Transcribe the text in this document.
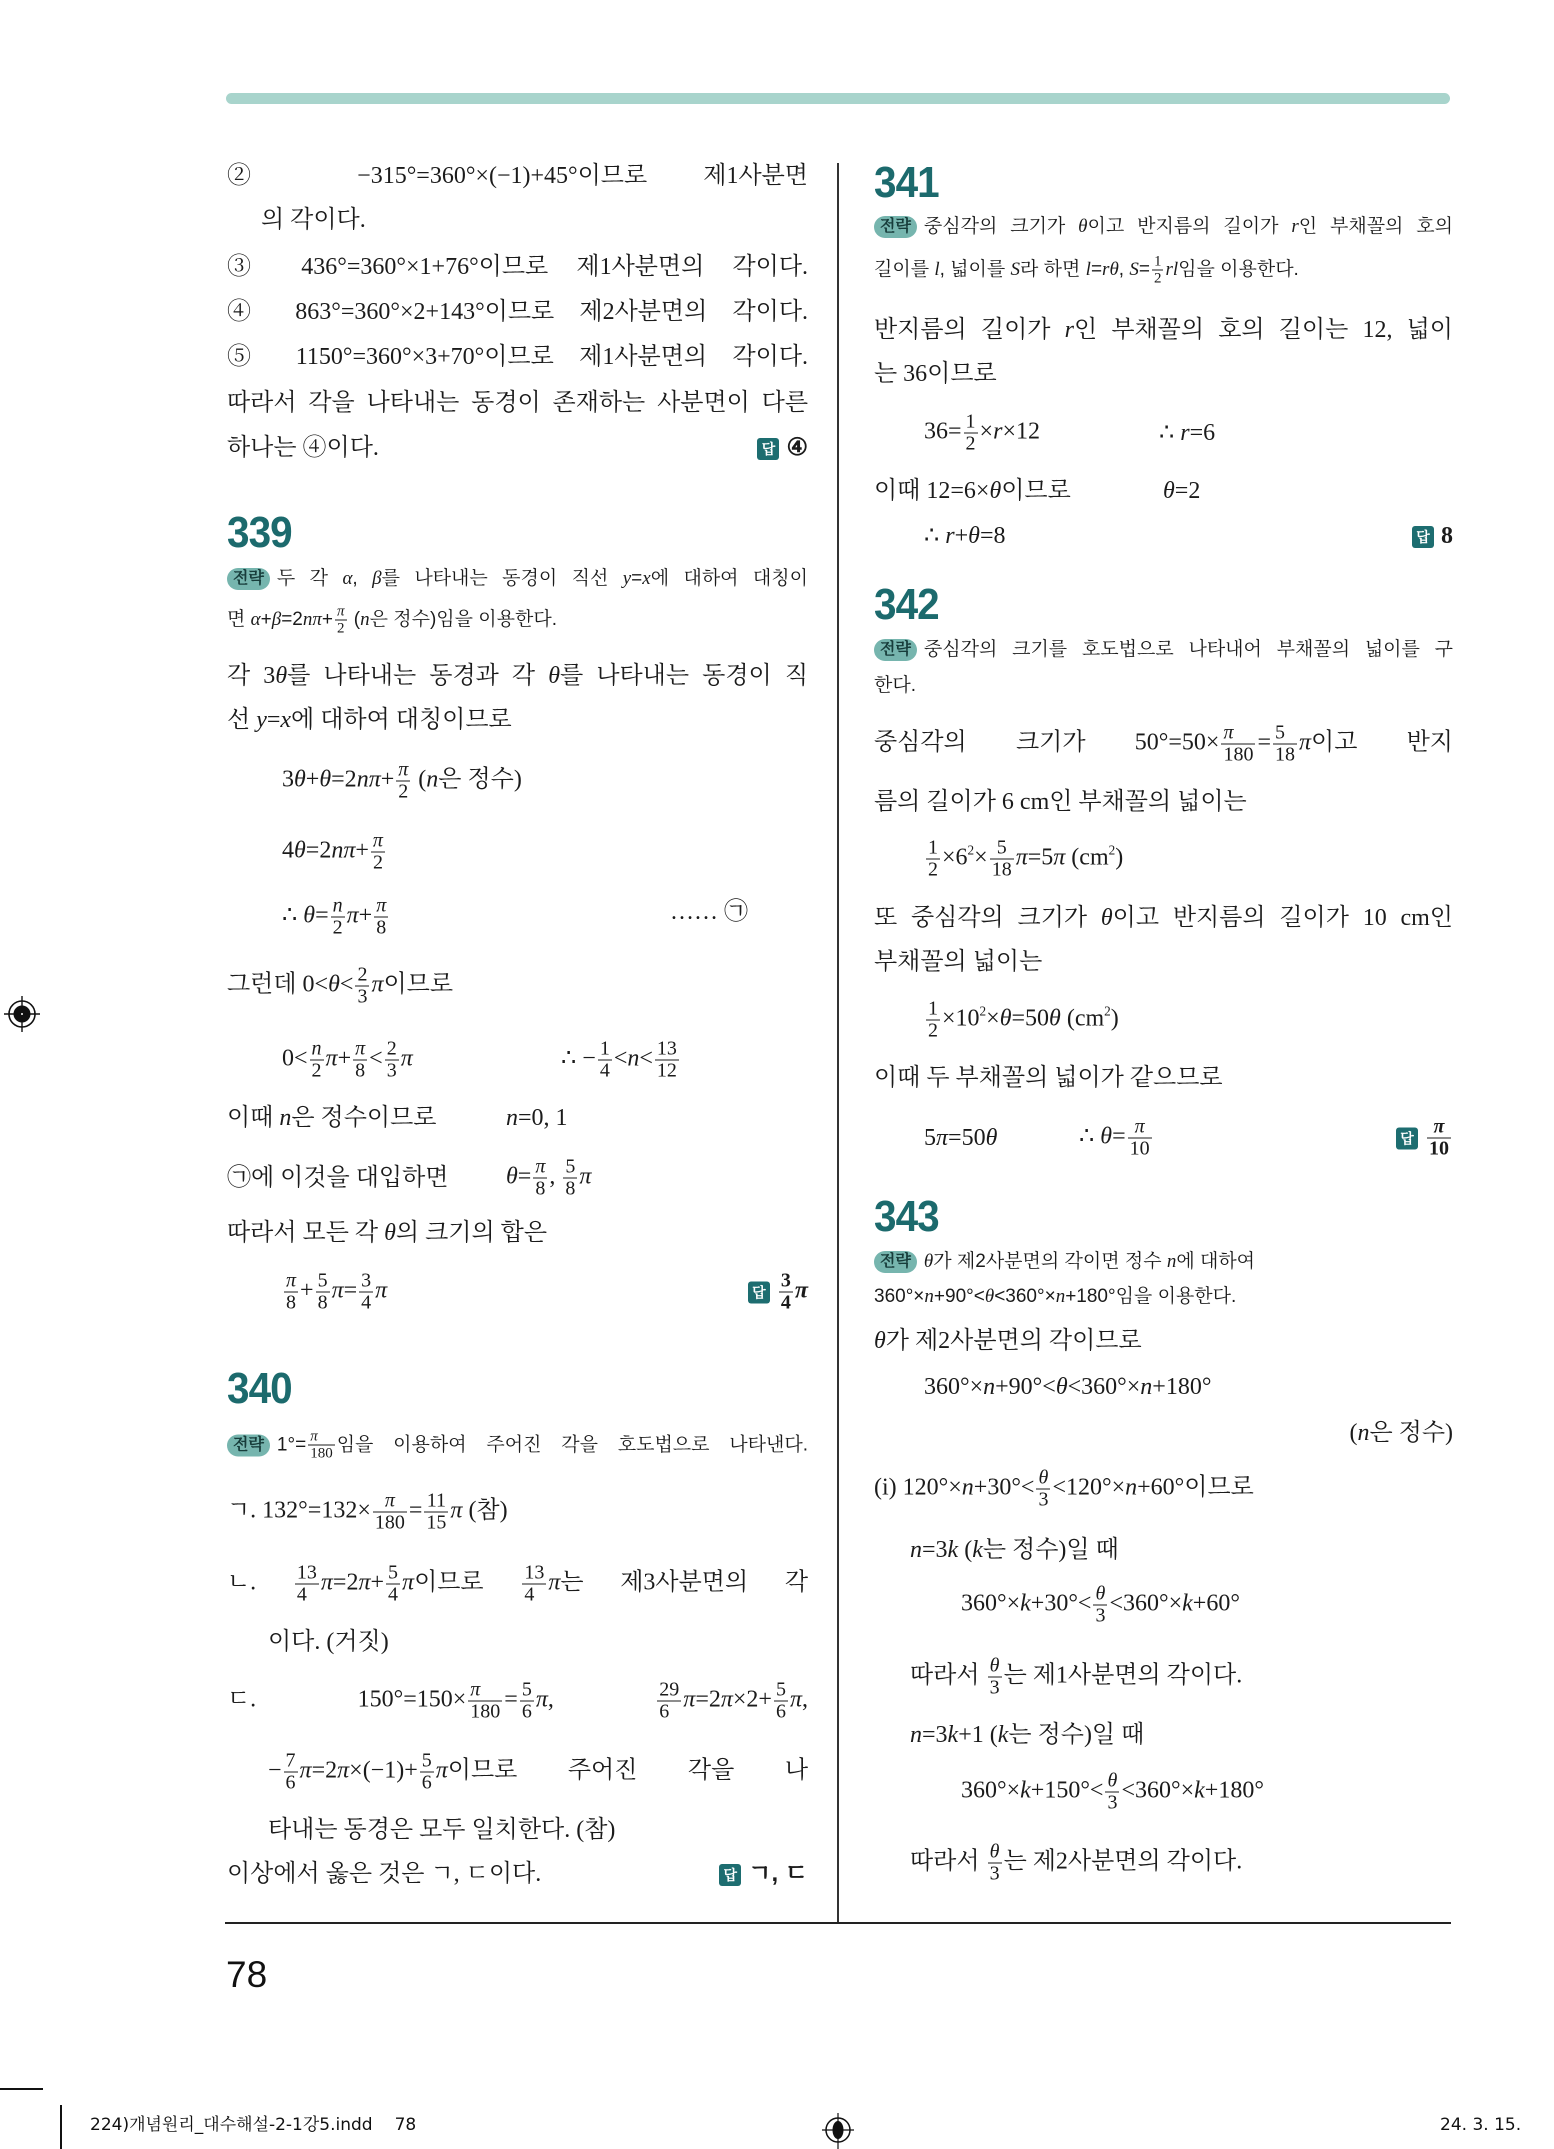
② −315°=360°×(−1)+45°이므로 제1사분면
의 각이다.
③ 436°=360°×1+76°이므로 제1사분면의 각이다.
④ 863°=360°×2+143°이므로 제2사분면의 각이다.
⑤ 1150°=360°×3+70°이므로 제1사분면의 각이다.
따라서 각을 나타내는 동경이 존재하는 사분면이 다른
하나는 ④이다.	답 ④
339
전략 두 각 α, β를 나타내는 동경이 직선 y=x에 대하여 대칭이
면 $\alpha+\beta=2n\pi+ \frac{\pi}{2} (n$은 정수)임을 이용한다.
각 3θ를 나타내는 동경과 각 θ를 나타내는 동경이 직
선 y=x에 대하여 대칭이므로
$3\theta+\theta=2n\pi+ \frac{\pi}{2} (n$은 정수)
$4\theta=2n\pi+ \frac{\pi}{2}$
∴ $\theta= \frac{n}{2} \pi+ \frac{\pi}{8}$	…… ㉠
그런데 $0<\theta< \frac{2}{3}$ π이므로
$0< \frac{n}{2} \pi+ \frac{\pi}{8} < \frac{2}{3}$ π	∴ − $\frac{1}{4} <n< \frac{13}{12}$
이때 n은 정수이므로	n=0, 1
㉠에 이것을 대입하면	$\theta= \frac{\pi}{8}$ , $\frac{5}{8}$ π
따라서 모든 각 θ의 크기의 합은
$\frac{\pi}{8} + \frac{5}{8} \pi= \frac{3}{4}$ π	답 $\frac{3}{4}$ π
340
전략 $1^\circ= \frac{\pi}{180}$ 임을 이용하여 주어진 각을 호도법으로 나타낸다.
ㄱ. $132^\circ=132\times \frac{\pi}{180} = \frac{11}{15}$ π (참)
ㄴ. $\frac{13}{4} \pi=2\pi+ \frac{5}{4}$ π이므로 $\frac{13}{4}$ π는 제3사분면의 각
이다. (거짓)
ㄷ. $150^\circ=150\times \frac{\pi}{180} = \frac{5}{6} \pi$, $\frac{29}{6} \pi=2\pi\times 2+ \frac{5}{6} \pi$,
− $\frac{7}{6} \pi=2\pi\times(-1)+ \frac{5}{6}$ π이므로 주어진 각을 나
타내는 동경은 모두 일치한다. (참)
이상에서 옳은 것은 ㄱ, ㄷ이다.	답 ㄱ, ㄷ
341
전략 중심각의 크기가 θ이고 반지름의 길이가 r인 부채꼴의 호의
길이를 l, 넓이를 S라 하면 l=rθ, $S= \frac{1}{2}$ rl임을 이용한다.
반지름의 길이가 r인 부채꼴의 호의 길이는 12, 넓이
는 36이므로
$36= \frac{1}{2} \times r\times 12$	∴ r=6
이때 12=6×θ이므로	θ=2
∴ r+θ=8	답 8
342
전략 중심각의 크기를 호도법으로 나타내어 부채꼴의 넓이를 구
한다.
중심각의 크기가 $50^\circ=50\times \frac{\pi}{180} = \frac{5}{18}$ π이고 반지
름의 길이가 6 cm인 부채꼴의 넓이는
$\frac{1}{2} \times 6^2\times \frac{5}{18} \pi=5\pi$ $(cm^2)$
또 중심각의 크기가 θ이고 반지름의 길이가 10 cm인
부채꼴의 넓이는
$\frac{1}{2} \times 10^2\times\theta=50\theta$ $(cm^2)$
이때 두 부채꼴의 넓이가 같으므로
5π=50θ	∴ $\theta= \frac{\pi}{10}$	답 $\frac{\pi}{10}$
343
전략 θ가 제2사분면의 각이면 정수 n에 대하여
360°×n+90°<θ<360°×n+180°임을 이용한다.
θ가 제2사분면의 각이므로
360°×n+90°<θ<360°×n+180°
(n은 정수)
(i) $120^\circ\times n+30^\circ< \frac{\theta}{3} <120^\circ\times n+60^\circ$이므로
n=3k (k는 정수)일 때
$360^\circ\times k+30^\circ< \frac{\theta}{3} <360^\circ\times k+60^\circ$
따라서 $\frac{\theta}{3}$ 는 제1사분면의 각이다.
n=3k+1 (k는 정수)일 때
$360^\circ\times k+150^\circ< \frac{\theta}{3} <360^\circ\times k+180^\circ$
따라서 $\frac{\theta}{3}$ 는 제2사분면의 각이다.
78
224)개념원리_대수해설-2-1강5.indd 78	24. 3. 15.
